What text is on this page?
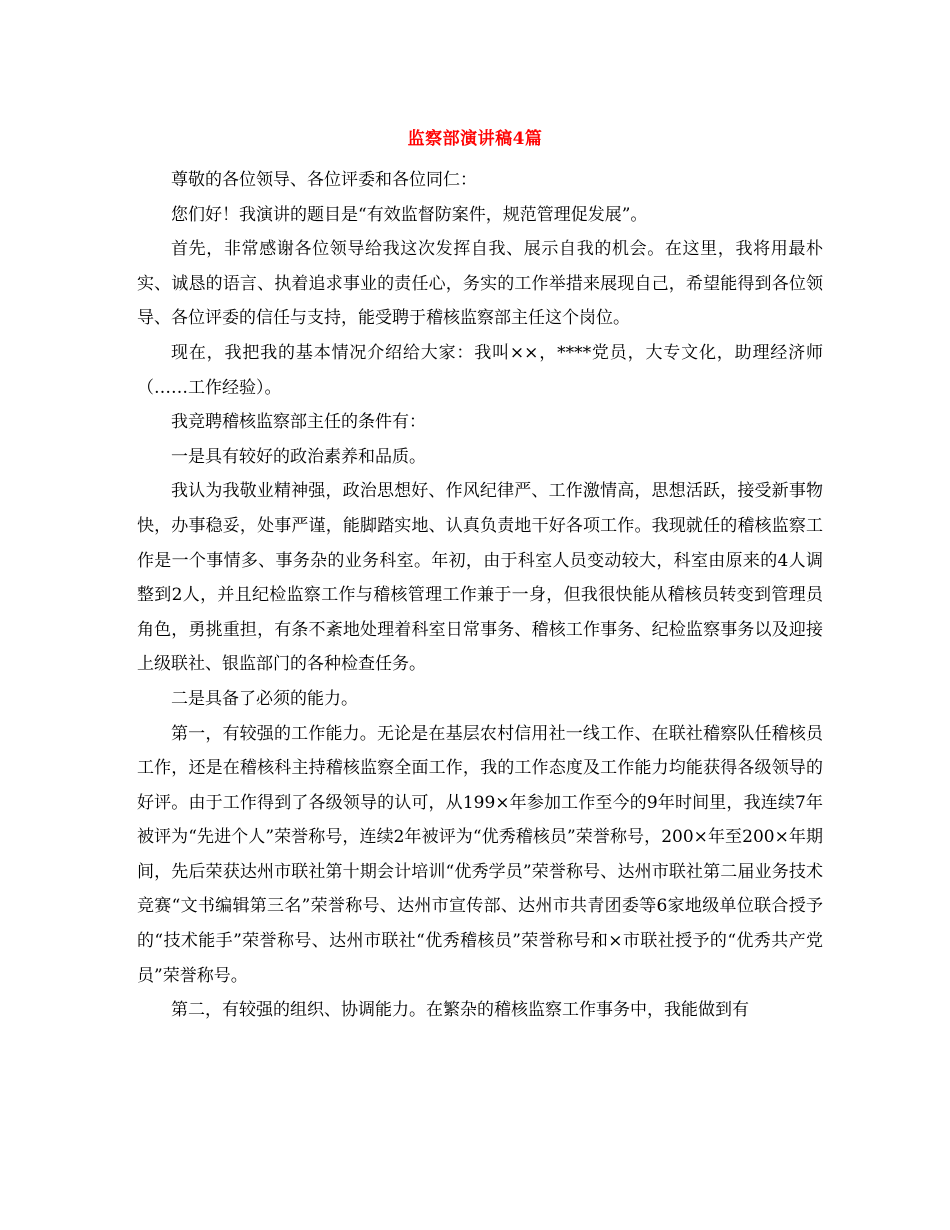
监察部演讲稿4篇

尊敬的各位领导、各位评委和各位同仁：

您们好！我演讲的题目是“有效监督防案件，规范管理促发展”。

首先，非常感谢各位领导给我这次发挥自我、展示自我的机会。在这里，我将用最朴实、诚恳的语言、执着追求事业的责任心，务实的工作举措来展现自己，希望能得到各位领导、各位评委的信任与支持，能受聘于稽核监察部主任这个岗位。

现在，我把我的基本情况介绍给大家：我叫××，****党员，大专文化，助理经济师（……工作经验）。

我竞聘稽核监察部主任的条件有：

一是具有较好的政治素养和品质。

我认为我敬业精神强，政治思想好、作风纪律严、工作激情高，思想活跃，接受新事物快，办事稳妥，处事严谨，能脚踏实地、认真负责地干好各项工作。我现就任的稽核监察工作是一个事情多、事务杂的业务科室。年初，由于科室人员变动较大，科室由原来的4人调整到2人，并且纪检监察工作与稽核管理工作兼于一身，但我很快能从稽核员转变到管理员角色，勇挑重担，有条不紊地处理着科室日常事务、稽核工作事务、纪检监察事务以及迎接上级联社、银监部门的各种检查任务。

二是具备了必须的能力。

第一，有较强的工作能力。无论是在基层农村信用社一线工作、在联社稽察队任稽核员工作，还是在稽核科主持稽核监察全面工作，我的工作态度及工作能力均能获得各级领导的好评。由于工作得到了各级领导的认可，从199×年参加工作至今的9年时间里，我连续7年被评为“先进个人”荣誉称号，连续2年被评为“优秀稽核员”荣誉称号，200×年至200×年期间，先后荣获达州市联社第十期会计培训“优秀学员”荣誉称号、达州市联社第二届业务技术竞赛“文书编辑第三名”荣誉称号、达州市宣传部、达州市共青团委等6家地级单位联合授予的“技术能手”荣誉称号、达州市联社“优秀稽核员”荣誉称号和×市联社授予的“优秀共产党员”荣誉称号。

第二，有较强的组织、协调能力。在繁杂的稽核监察工作事务中，我能做到有
